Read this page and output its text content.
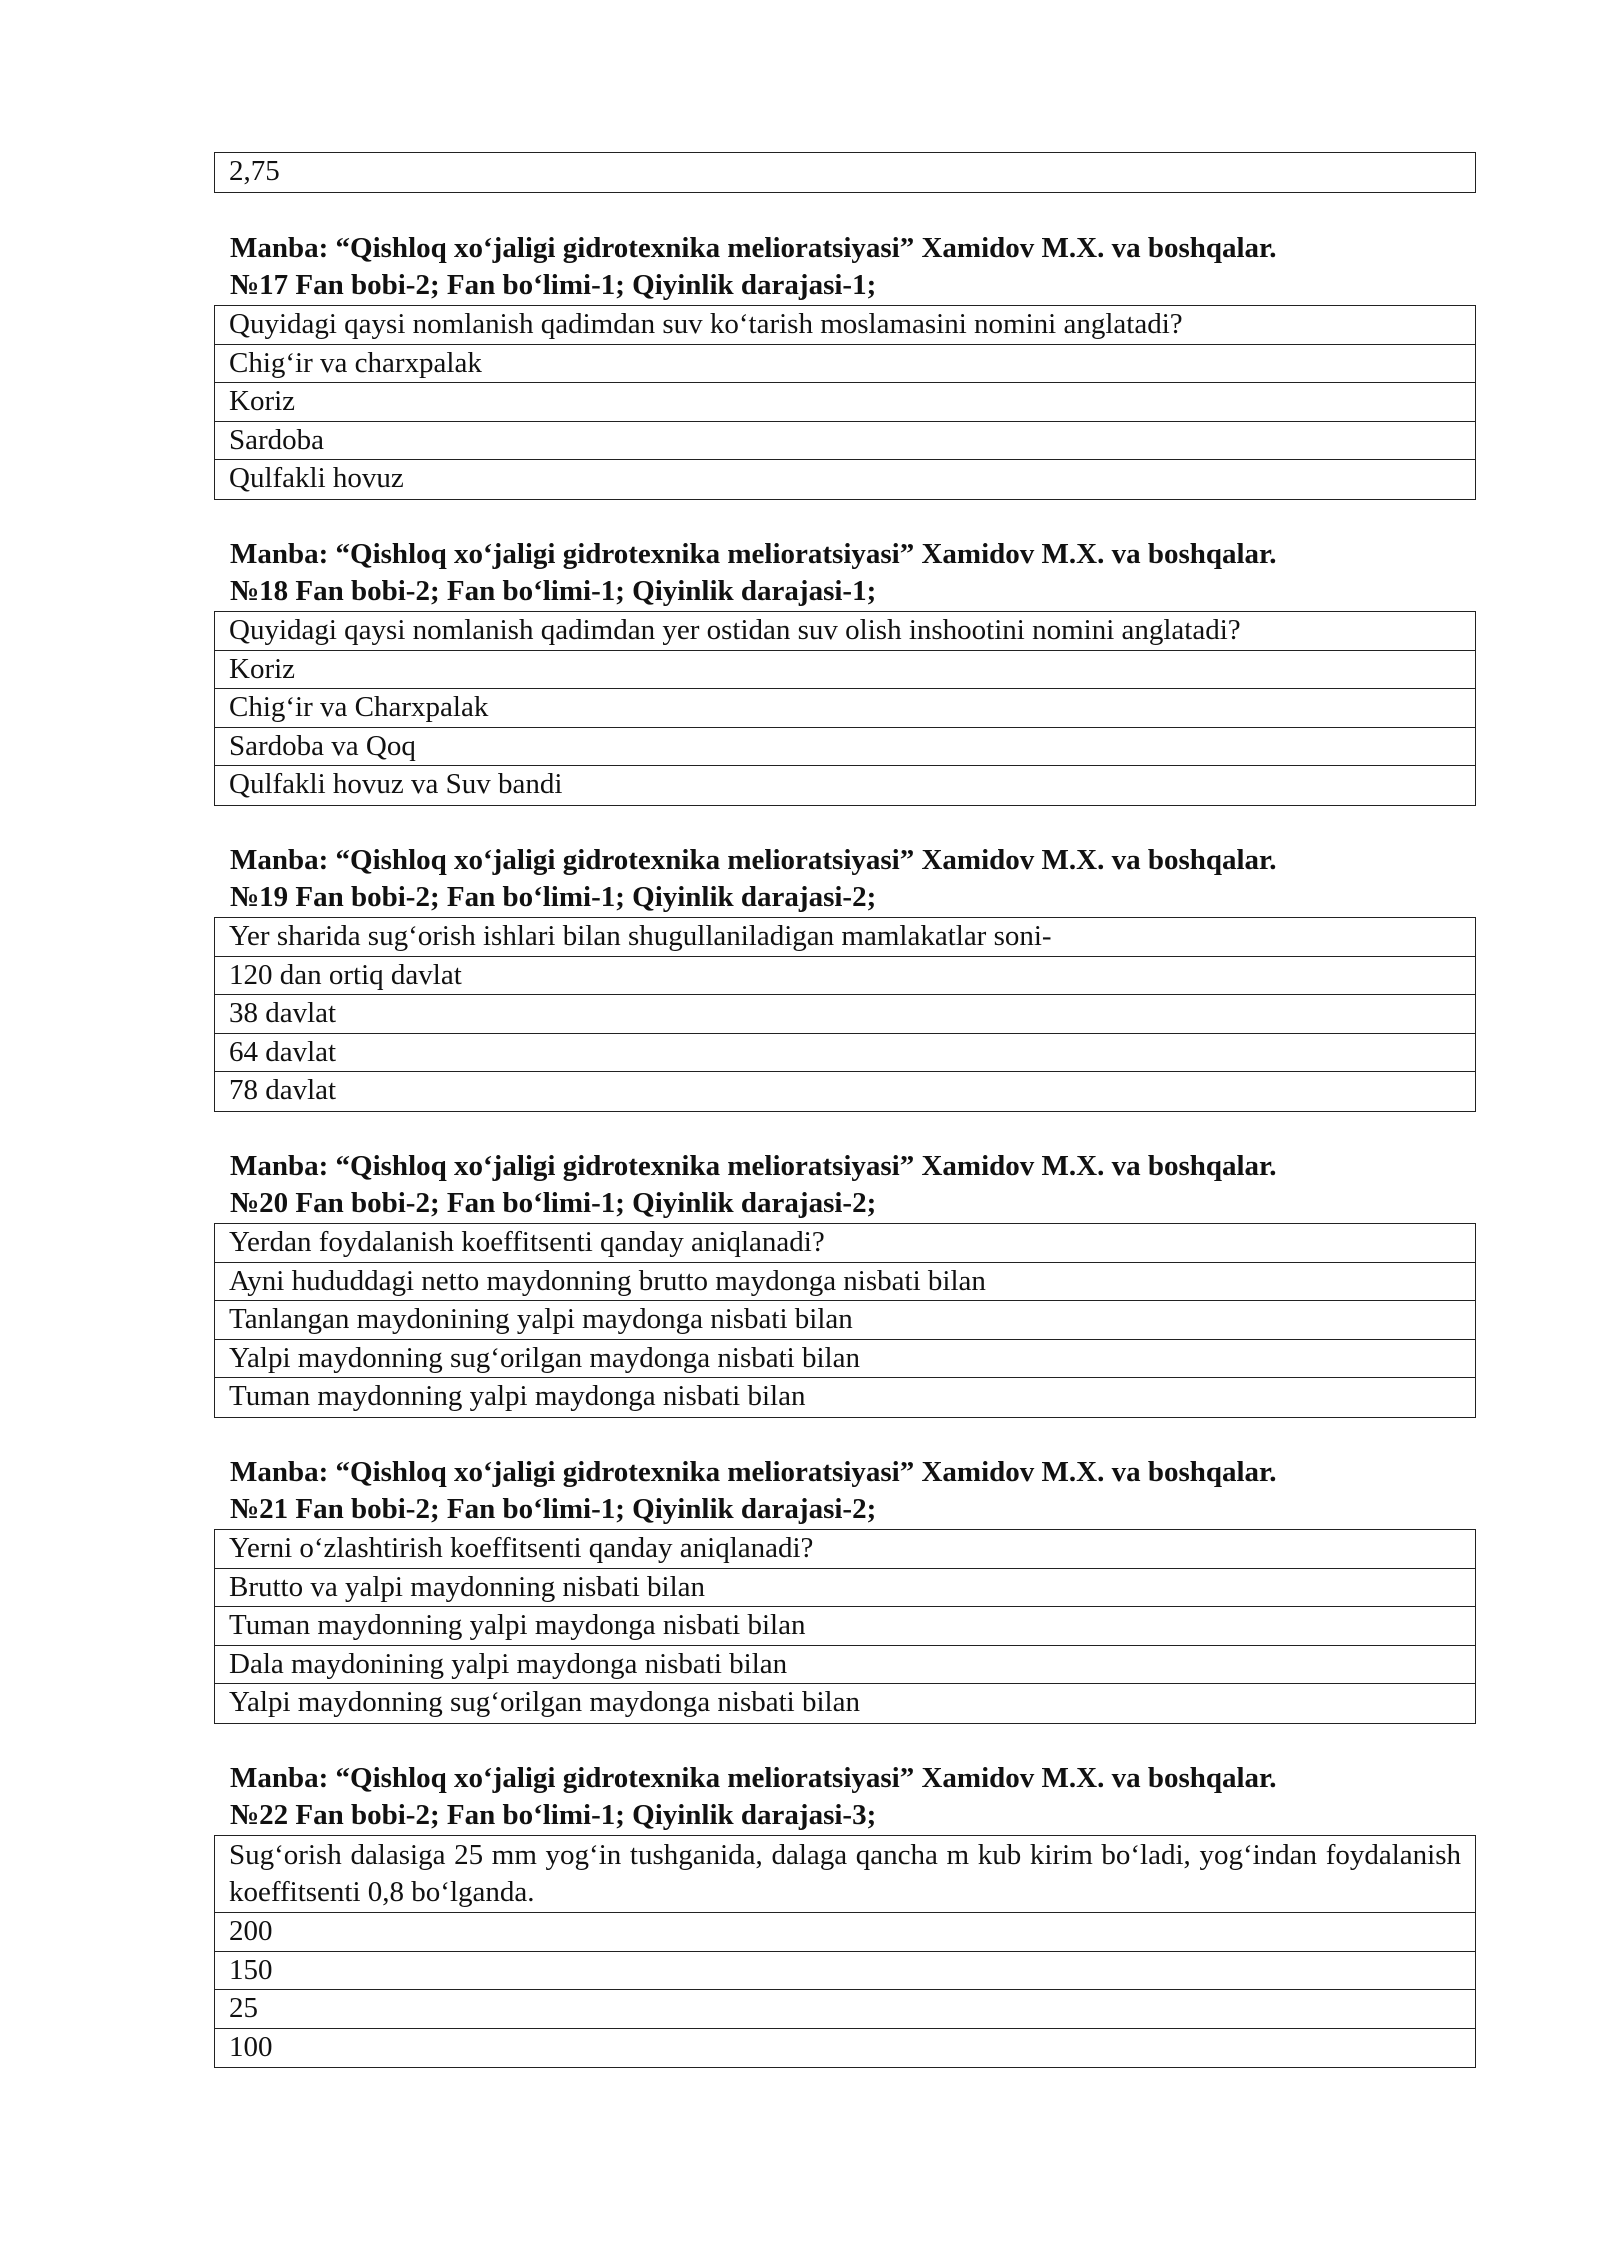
2,75
Manba: “Qishloq xo‘jaligi gidrotexnika melioratsiyasi” Xamidov M.X. va boshqalar.
№17 Fan bobi-2; Fan bo‘limi-1; Qiyinlik darajasi-1;
Quyidagi qaysi nomlanish qadimdan suv ko‘tarish moslamasini nomini anglatadi?
Chig‘ir va charxpalak
Koriz
Sardoba
Qulfakli hovuz
Manba: “Qishloq xo‘jaligi gidrotexnika melioratsiyasi” Xamidov M.X. va boshqalar.
№18 Fan bobi-2; Fan bo‘limi-1; Qiyinlik darajasi-1;
Quyidagi qaysi nomlanish qadimdan yer ostidan suv olish inshootini nomini anglatadi?
Koriz
Chig‘ir va Charxpalak
Sardoba va Qoq
Qulfakli hovuz va Suv bandi
Manba: “Qishloq xo‘jaligi gidrotexnika melioratsiyasi” Xamidov M.X. va boshqalar.
№19 Fan bobi-2; Fan bo‘limi-1; Qiyinlik darajasi-2;
Yer sharida sug‘orish ishlari bilan shugullaniladigan mamlakatlar soni-
120 dan ortiq davlat
38 davlat
64 davlat
78 davlat
Manba: “Qishloq xo‘jaligi gidrotexnika melioratsiyasi” Xamidov M.X. va boshqalar.
№20 Fan bobi-2; Fan bo‘limi-1; Qiyinlik darajasi-2;
Yerdan foydalanish koeffitsenti qanday aniqlanadi?
Ayni hududdagi netto maydonning brutto maydonga nisbati bilan
Tanlangan maydonining yalpi maydonga nisbati bilan
Yalpi maydonning sug‘orilgan maydonga nisbati bilan
Tuman maydonning yalpi maydonga nisbati bilan
Manba: “Qishloq xo‘jaligi gidrotexnika melioratsiyasi” Xamidov M.X. va boshqalar.
№21 Fan bobi-2; Fan bo‘limi-1; Qiyinlik darajasi-2;
Yerni o‘zlashtirish koeffitsenti qanday aniqlanadi?
Brutto va yalpi maydonning nisbati bilan
Tuman maydonning yalpi maydonga nisbati bilan
Dala maydonining yalpi maydonga nisbati bilan
Yalpi maydonning sug‘orilgan maydonga nisbati bilan
Manba: “Qishloq xo‘jaligi gidrotexnika melioratsiyasi” Xamidov M.X. va boshqalar.
№22 Fan bobi-2; Fan bo‘limi-1; Qiyinlik darajasi-3;
Sug‘orish dalasiga 25 mm yog‘in tushganida, dalaga qancha m kub kirim bo‘ladi, yog‘indan foydalanish koeffitsenti 0,8 bo‘lganda.
200
150
25
100
